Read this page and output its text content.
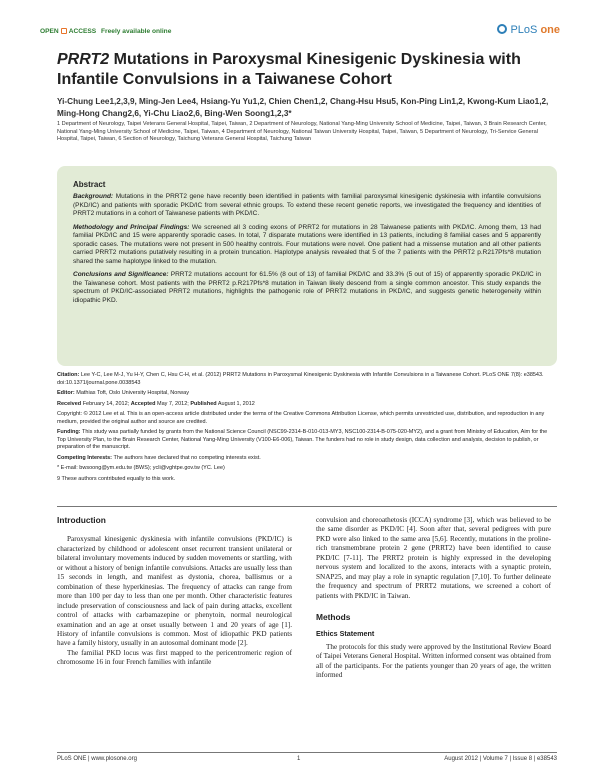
OPEN ACCESS Freely available online	PLoS one
PRRT2 Mutations in Paroxysmal Kinesigenic Dyskinesia with Infantile Convulsions in a Taiwanese Cohort
Yi-Chung Lee1,2,3,9, Ming-Jen Lee4, Hsiang-Yu Yu1,2, Chien Chen1,2, Chang-Hsu Hsu5, Kon-Ping Lin1,2, Kwong-Kum Liao1,2, Ming-Hong Chang2,6, Yi-Chu Liao2,6, Bing-Wen Soong1,2,3*
1 Department of Neurology, Taipei Veterans General Hospital, Taipei, Taiwan, 2 Department of Neurology, National Yang-Ming University School of Medicine, Taipei, Taiwan, 3 Brain Research Center, National Yang-Ming University School of Medicine, Taipei, Taiwan, 4 Department of Neurology, National Taiwan University Hospital, Taipei, Taiwan, 5 Department of Neurology, Tri-Service General Hospital, Taipei, Taiwan, 6 Section of Neurology, Taichung Veterans General Hospital, Taichung Taiwan
Abstract

Background: Mutations in the PRRT2 gene have recently been identified in patients with familial paroxysmal kinesigenic dyskinesia with infantile convulsions (PKD/IC) and patients with sporadic PKD/IC from several ethnic groups. To extend these recent genetic reports, we investigated the frequency and identities of PRRT2 mutations in a cohort of Taiwanese patients with PKD/IC.

Methodology and Principal Findings: We screened all 3 coding exons of PRRT2 for mutations in 28 Taiwanese patients with PKD/IC. Among them, 13 had familial PKD/IC and 15 were apparently sporadic cases. In total, 7 disparate mutations were identified in 13 patients, including 8 familial cases and 5 apparently sporadic cases. The mutations were not present in 500 healthy controls. Four mutations were novel. One patient had a missense mutation and all other patients carried PRRT2 mutations putatively resulting in a protein truncation. Haplotype analysis revealed that 5 of the 7 patients with the PRRT2 p.R217Pfs*8 mutation shared the same haplotype linked to the mutation.

Conclusions and Significance: PRRT2 mutations account for 61.5% (8 out of 13) of familial PKD/IC and 33.3% (5 out of 15) of apparently sporadic PKD/IC in the Taiwanese cohort. Most patients with the PRRT2 p.R217Pfs*8 mutation in Taiwan likely descend from a single common ancestor. This study expands the spectrum of PKD/IC-associated PRRT2 mutations, highlights the pathogenic role of PRRT2 mutations in PKD/IC, and suggests genetic heterogeneity within idiopathic PKD.

Citation: Lee Y-C, Lee M-J, Yu H-Y, Chen C, Hsu C-H, et al. (2012) PRRT2 Mutations in Paroxysmal Kinesigenic Dyskinesia with Infantile Convulsions in a Taiwanese Cohort. PLoS ONE 7(8): e38543. doi:10.1371/journal.pone.0038543

Editor: Mathias Toft, Oslo University Hospital, Norway

Received February 14, 2012; Accepted May 7, 2012; Published August 1, 2012

Copyright: © 2012 Lee et al. This is an open-access article distributed under the terms of the Creative Commons Attribution License, which permits unrestricted use, distribution, and reproduction in any medium, provided the original author and source are credited.

Funding: This study was partially funded by grants from the National Science Council (NSC99-2314-B-010-013-MY3, NSC100-2314-B-075-020-MY2), and a grant from Ministry of Education, Aim for the Top University Plan, to the Brain Research Center, National Yang-Ming University (V100-E6-006), Taiwan. The funders had no role in study design, data collection and analysis, decision to publish, or preparation of the manuscript.

Competing Interests: The authors have declared that no competing interests exist.

* E-mail: bwsoong@ym.edu.tw (BWS); ycli@vghtpe.gov.tw (YC. Lee)

9 These authors contributed equally to this work.

Introduction

Paroxysmal kinesigenic dyskinesia with infantile convulsions (PKD/IC) is characterized by childhood or adolescent onset recurrent transient unilateral or bilateral involuntary movements induced by sudden movements or startling, with or without a history of benign infantile convulsions. Attacks are usually less than 15 seconds in length, and manifest as dystonia, chorea, ballismus or a combination of these hyperkinesias. The frequency of attacks can range from more than 100 per day to less than one per month. Other characteristic features include preservation of consciousness and lack of pain during attacks, excellent control of attacks with carbamazepine or phenytoin, normal neurological examination and an age at onset usually between 1 and 20 years of age [1]. History of infantile convulsions is common. Most of idiopathic PKD patients have a family history, usually in an autosomal dominant mode [2].

The familial PKD locus was first mapped to the pericentromeric region of chromosome 16 in four French families with infantile

convulsion and choreoathetosis (ICCA) syndrome [3], which was believed to be the same disorder as PKD/IC [4]. Soon after that, several pedigrees with pure PKD were also linked to the same area [5,6]. Recently, mutations in the proline-rich transmembrane protein 2 gene (PRRT2) have been identified to cause PKD/IC [7-11]. The PRRT2 protein is highly expressed in the developing nervous system and localized to the axons, interacts with a synaptic protein, SNAP25, and may play a role in synaptic regulation [7,10]. To further delineate the frequency and spectrum of PRRT2 mutations, we screened a cohort of patients with PKD/IC in Taiwan.

Methods
Ethics Statement

The protocols for this study were approved by the Institutional Review Board of Taipei Veterans General Hospital. Written informed consent was obtained from all of the participants. For the patients younger than 20 years of age, the written informed

PLoS ONE | www.plosone.org	1	August 2012 | Volume 7 | Issue 8 | e38543
